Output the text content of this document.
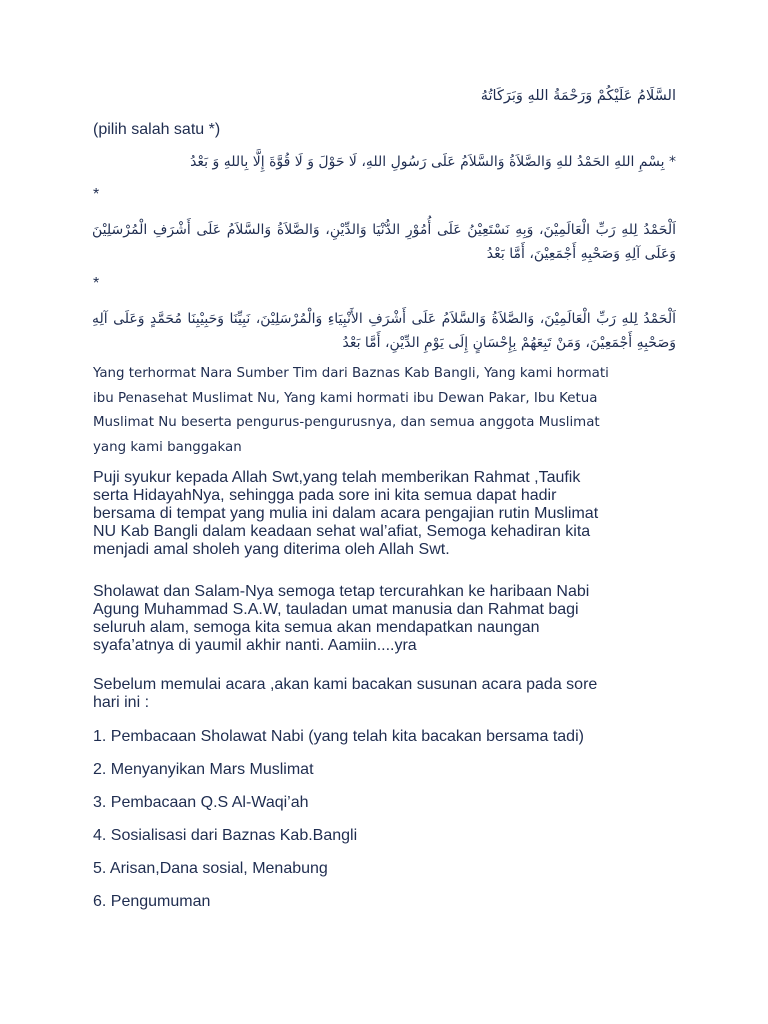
السَّلَامُ عَلَيْكُمْ وَرَحْمَةُ اللهِ وَبَرَكَاتُهُ
(pilih salah satu *)
* بِسْمِ اللهِ الحَمْدُ للهِ وَالصَّلاَةُ وَالسَّلاَمُ عَلَى رَسُولِ اللهِ، لَا حَوْلَ وَ لَا قُوَّةَ إِلَّا بِاللهِ وَ بَعْدُ
*
اَلْحَمْدُ لِلهِ رَبِّ الْعَالَمِيْنَ، وَبِهِ نَسْتَعِيْنُ عَلَى أُمُوْرِ الدُّنْيَا وَالدِّيْنِ، وَالصَّلاَةُ وَالسَّلاَمُ عَلَى أَشْرَفِ الْمُرْسَلِيْنَ وَعَلَى آلِهِ وَصَحْبِهِ أَجْمَعِيْنَ، أَمَّا بَعْدُ
*
اَلْحَمْدُ لِلهِ رَبِّ الْعَالَمِيْنَ، وَالصَّلاَةُ وَالسَّلاَمُ عَلَى أَشْرَفِ الأَنْبِيَاءِ وَالْمُرْسَلِيْنَ، نَبِيِّنَا وَحَبِيْبِنَا مُحَمَّدٍ وَعَلَى آلِهِ وَصَحْبِهِ أَجْمَعِيْنَ، وَمَنْ تَبِعَهُمْ بِإِحْسَانٍ إِلَى يَوْمِ الدِّيْنِ، أَمَّا بَعْدُ
Yang terhormat Nara Sumber Tim dari Baznas Kab Bangli, Yang kami hormati
ibu Penasehat Muslimat Nu, Yang kami hormati ibu Dewan Pakar, Ibu Ketua
Muslimat Nu beserta pengurus-pengurusnya, dan semua anggota Muslimat
yang kami banggakan
Puji syukur kepada Allah Swt,yang telah memberikan Rahmat ,Taufik
serta HidayahNya, sehingga pada sore ini kita semua dapat hadir
bersama di tempat yang mulia ini dalam acara pengajian rutin Muslimat
NU Kab Bangli dalam keadaan sehat wal’afiat, Semoga kehadiran kita
menjadi amal sholeh yang diterima oleh Allah Swt.
Sholawat dan Salam-Nya semoga tetap tercurahkan ke haribaan Nabi
Agung Muhammad S.A.W, tauladan umat manusia dan Rahmat bagi
seluruh alam, semoga kita semua akan mendapatkan naungan
syafa’atnya di yaumil akhir nanti. Aamiin....yra
Sebelum memulai acara ,akan kami bacakan susunan acara pada sore
hari ini :
1. Pembacaan Sholawat Nabi (yang telah kita bacakan bersama tadi)
2. Menyanyikan Mars Muslimat
3. Pembacaan Q.S Al-Waqi’ah
4. Sosialisasi dari Baznas Kab.Bangli
5. Arisan,Dana sosial, Menabung
6. Pengumuman
